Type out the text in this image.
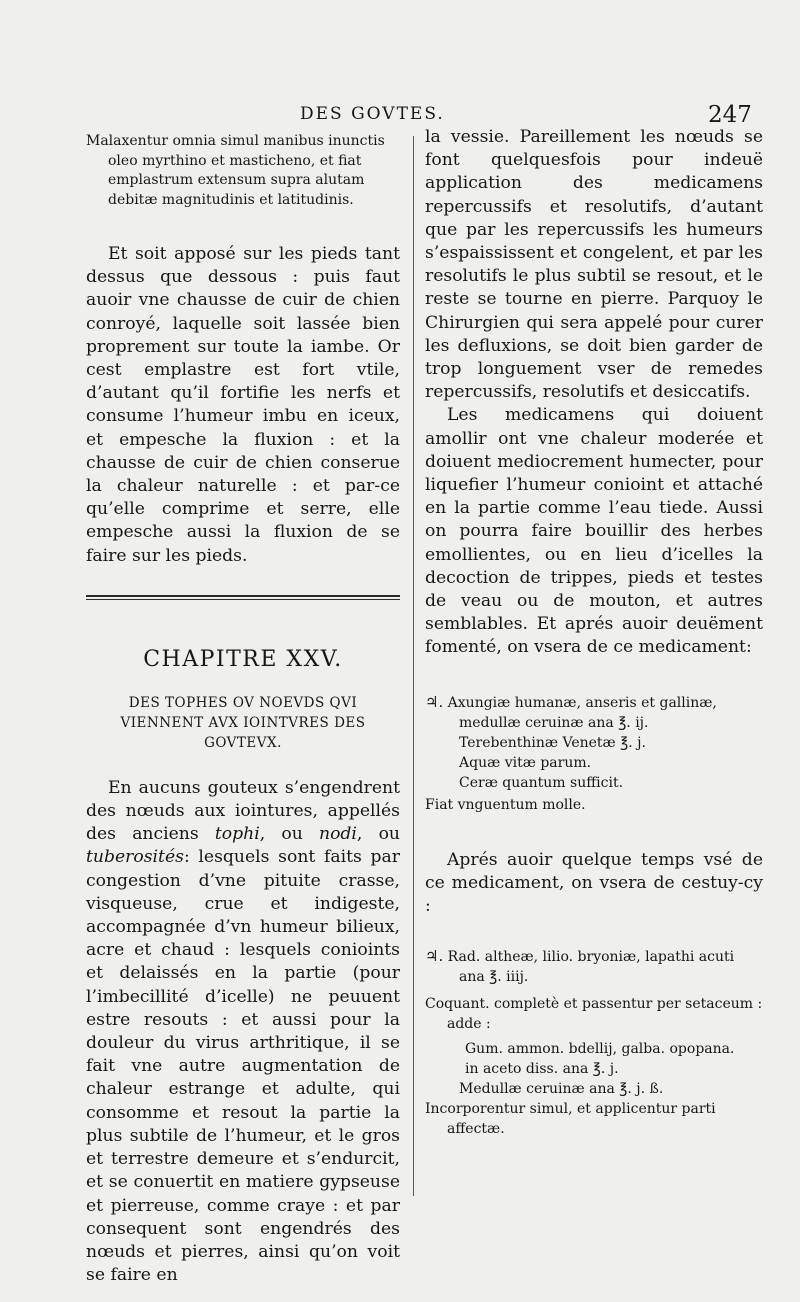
DES GOVTES.	247

Malaxentur omnia simul manibus inunctis oleo myrthino et masticheno, et fiat emplastrum extensum supra alutam debitæ magnitudinis et latitudinis.

Et soit apposé sur les pieds tant dessus que dessous : puis faut auoir vne chausse de cuir de chien conroyé, laquelle soit lassée bien proprement sur toute la iambe. Or cest emplastre est fort vtile, d’autant qu’il fortifie les nerfs et consume l’humeur imbu en iceux, et empesche la fluxion : et la chausse de cuir de chien conserue la chaleur naturelle : et par-ce qu’elle comprime et serre, elle empesche aussi la fluxion de se faire sur les pieds.

CHAPITRE XXV.

DES TOPHES OV NOEVDS QVI VIENNENT AVX IOINTVRES DES GOVTEVX.

En aucuns gouteux s’engendrent des nœuds aux iointures, appellés des anciens tophi, ou nodi, ou tuberosités: lesquels sont faits par congestion d’vne pituite crasse, visqueuse, crue et indigeste, accompagnée d’vn humeur bilieux, acre et chaud : lesquels conioints et delaissés en la partie (pour l’imbecillité d’icelle) ne peuuent estre resouts : et aussi pour la douleur du virus arthritique, il se fait vne autre augmentation de chaleur estrange et adulte, qui consomme et resout la partie la plus subtile de l’humeur, et le gros et terrestre demeure et s’endurcit, et se conuertit en matiere gypseuse et pierreuse, comme craye : et par consequent sont engendrés des nœuds et pierres, ainsi qu’on voit se faire en

la vessie. Pareillement les nœuds se font quelquesfois pour indeuë application des medicamens repercussifs et resolutifs, d’autant que par les repercussifs les humeurs s’espaississent et congelent, et par les resolutifs le plus subtil se resout, et le reste se tourne en pierre. Parquoy le Chirurgien qui sera appelé pour curer les defluxions, se doit bien garder de trop longuement vser de remedes repercussifs, resolutifs et desiccatifs.

Les medicamens qui doiuent amollir ont vne chaleur moderée et doiuent mediocrement humecter, pour liquefier l’humeur conioint et attaché en la partie comme l’eau tiede. Aussi on pourra faire bouillir des herbes emollientes, ou en lieu d’icelles la decoction de trippes, pieds et testes de veau ou de mouton, et autres semblables. Et aprés auoir deuëment fomenté, on vsera de ce medicament:

♃. Axungiæ humanæ, anseris et gallinæ,

medullæ ceruinæ ana ℥. ij.

Terebenthinæ Venetæ ℥. j.

Aquæ vitæ parum.

Ceræ quantum sufficit.

Fiat vnguentum molle.

Aprés auoir quelque temps vsé de ce medicament, on vsera de cestuy-cy :

♃. Rad. altheæ, lilio. bryoniæ, lapathi acuti

ana ℥. iiij.

Coquant. completè et passentur per setaceum : adde :

Gum. ammon. bdellij, galba. opopana.

in aceto diss. ana ℥. j.

Medullæ ceruinæ ana ℥. j. ß.

Incorporentur simul, et applicentur parti affectæ.
